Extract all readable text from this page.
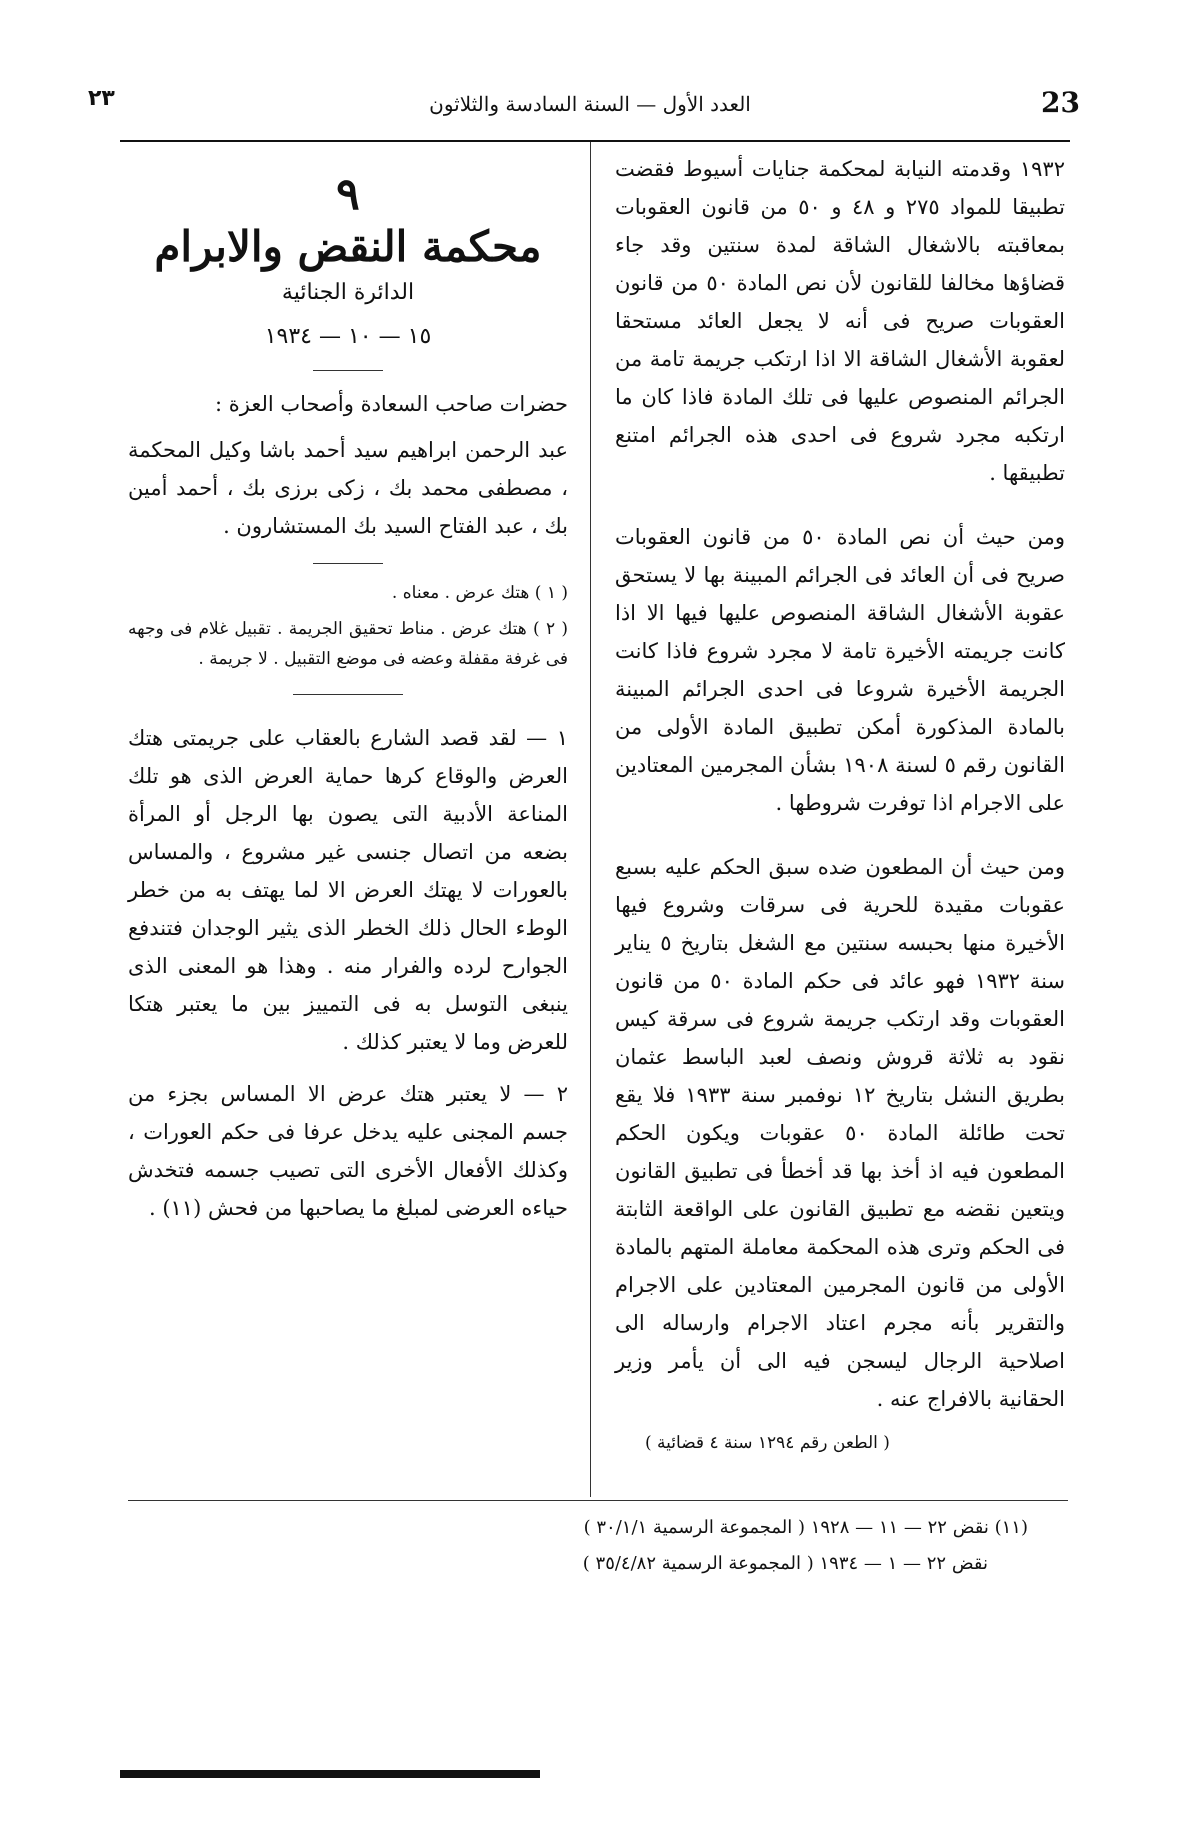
23
العدد الأول — السنة السادسة والثلاثون
٢٣

١٩٣٢ وقدمته النيابة لمحكمة جنايات أسيوط فقضت تطبيقا للمواد ٢٧٥ و ٤٨ و ٥٠ من قانون العقوبات بمعاقبته بالاشغال الشاقة لمدة سنتين وقد جاء قضاؤها مخالفا للقانون لأن نص المادة ٥٠ من قانون العقوبات صريح فى أنه لا يجعل العائد مستحقا لعقوبة الأشغال الشاقة الا اذا ارتكب جريمة تامة من الجرائم المنصوص عليها فى تلك المادة فاذا كان ما ارتكبه مجرد شروع فى احدى هذه الجرائم امتنع تطبيقها .

ومن حيث أن نص المادة ٥٠ من قانون العقوبات صريح فى أن العائد فى الجرائم المبينة بها لا يستحق عقوبة الأشغال الشاقة المنصوص عليها فيها الا اذا كانت جريمته الأخيرة تامة لا مجرد شروع فاذا كانت الجريمة الأخيرة شروعا فى احدى الجرائم المبينة بالمادة المذكورة أمكن تطبيق المادة الأولى من القانون رقم ٥ لسنة ١٩٠٨ بشأن المجرمين المعتادين على الاجرام اذا توفرت شروطها .

ومن حيث أن المطعون ضده سبق الحكم عليه بسبع عقوبات مقيدة للحرية فى سرقات وشروع فيها الأخيرة منها بحبسه سنتين مع الشغل بتاريخ ٥ يناير سنة ١٩٣٢ فهو عائد فى حكم المادة ٥٠ من قانون العقوبات وقد ارتكب جريمة شروع فى سرقة كيس نقود به ثلاثة قروش ونصف لعبد الباسط عثمان بطريق النشل بتاريخ ١٢ نوفمبر سنة ١٩٣٣ فلا يقع تحت طائلة المادة ٥٠ عقوبات ويكون الحكم المطعون فيه اذ أخذ بها قد أخطأ فى تطبيق القانون ويتعين نقضه مع تطبيق القانون على الواقعة الثابتة فى الحكم وترى هذه المحكمة معاملة المتهم بالمادة الأولى من قانون المجرمين المعتادين على الاجرام والتقرير بأنه مجرم اعتاد الاجرام وارساله الى اصلاحية الرجال ليسجن فيه الى أن يأمر وزير الحقانية بالافراج عنه .

( الطعن رقم ١٢٩٤ سنة ٤ قضائية )

٩
محكمة النقض والابرام
الدائرة الجنائية
١٥ — ١٠ — ١٩٣٤

حضرات صاحب السعادة وأصحاب العزة :

عبد الرحمن ابراهيم سيد أحمد باشا وكيل المحكمة ، مصطفى محمد بك ، زكى برزى بك ، أحمد أمين بك ، عبد الفتاح السيد بك المستشارون .

( ١ ) هتك عرض . معناه .

( ٢ ) هتك عرض . مناط تحقيق الجريمة . تقبيل غلام فى وجهه فى غرفة مقفلة وعضه فى موضع التقبيل . لا جريمة .

١ — لقد قصد الشارع بالعقاب على جريمتى هتك العرض والوقاع كرها حماية العرض الذى هو تلك المناعة الأدبية التى يصون بها الرجل أو المرأة بضعه من اتصال جنسى غير مشروع ، والمساس بالعورات لا يهتك العرض الا لما يهتف به من خطر الوطء الحال ذلك الخطر الذى يثير الوجدان فتندفع الجوارح لرده والفرار منه . وهذا هو المعنى الذى ينبغى التوسل به فى التمييز بين ما يعتبر هتكا للعرض وما لا يعتبر كذلك .

٢ — لا يعتبر هتك عرض الا المساس بجزء من جسم المجنى عليه يدخل عرفا فى حكم العورات ، وكذلك الأفعال الأخرى التى تصيب جسمه فتخدش حياءه العرضى لمبلغ ما يصاحبها من فحش (١١) .

(١١) نقض ٢٢ — ١١ — ١٩٢٨ ( المجموعة الرسمية ٣٠/١/١ )
نقض ٢٢ — ١ — ١٩٣٤ ( المجموعة الرسمية ٣٥/٤/٨٢ )
